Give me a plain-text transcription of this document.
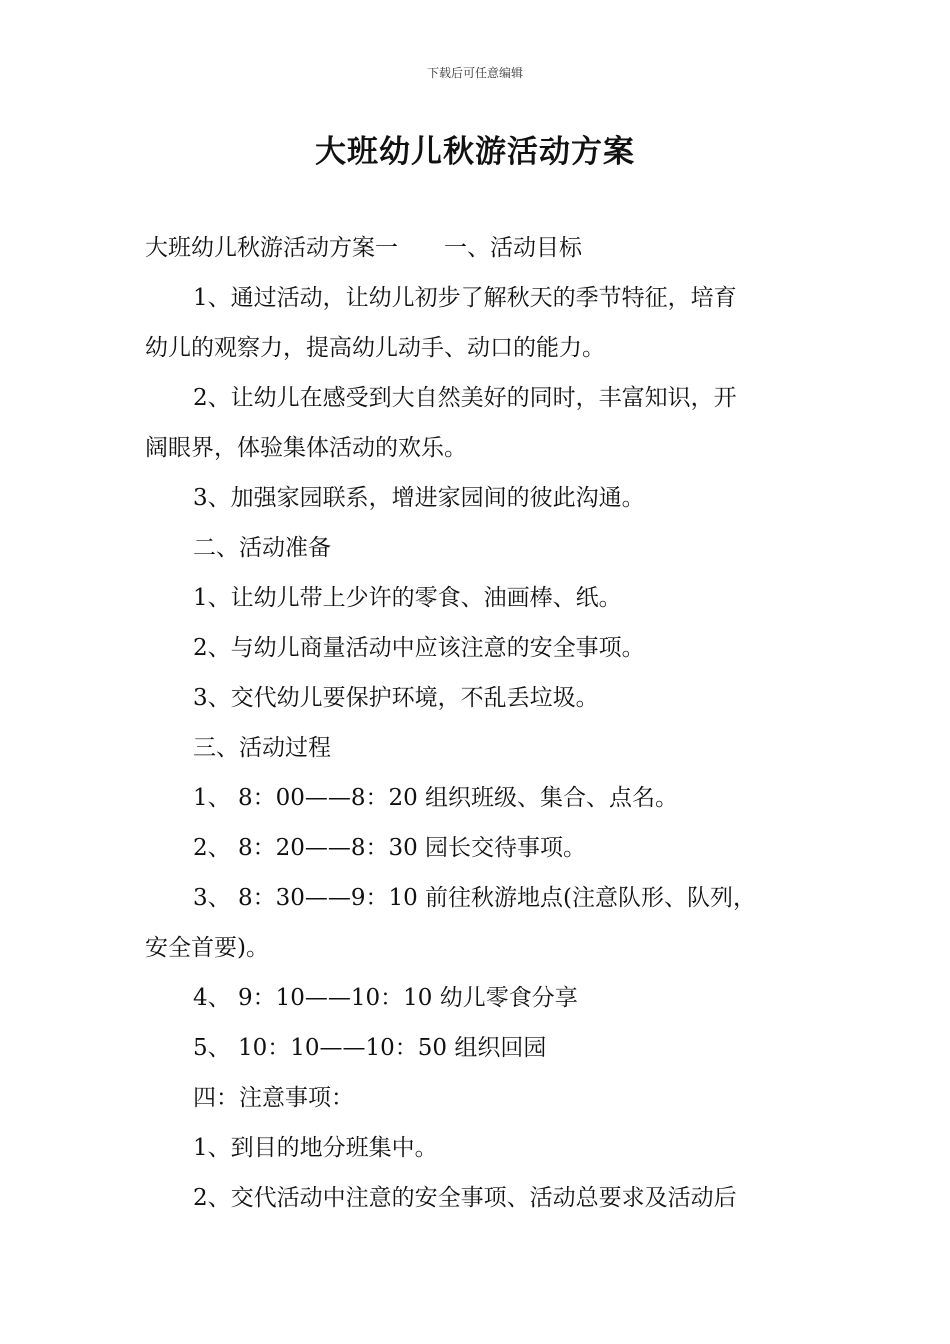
下载后可任意编辑
大班幼儿秋游活动方案
大班幼儿秋游活动方案一 一、活动目标
1、通过活动，让幼儿初步了解秋天的季节特征，培育
幼儿的观察力，提高幼儿动手、动口的能力。
2、让幼儿在感受到大自然美好的同时，丰富知识，开
阔眼界，体验集体活动的欢乐。
3、加强家园联系，增进家园间的彼此沟通。
二、活动准备
1、让幼儿带上少许的零食、油画棒、纸。
2、与幼儿商量活动中应该注意的安全事项。
3、交代幼儿要保护环境，不乱丢垃圾。
三、活动过程
1、 8：00——8：20 组织班级、集合、点名。
2、 8：20——8：30 园长交待事项。
3、 8：30——9：10 前往秋游地点(注意队形、队列，
安全首要)。
4、 9：10——10：10 幼儿零食分享
5、 10：10——10：50 组织回园
四：注意事项：
1、到目的地分班集中。
2、交代活动中注意的安全事项、活动总要求及活动后
